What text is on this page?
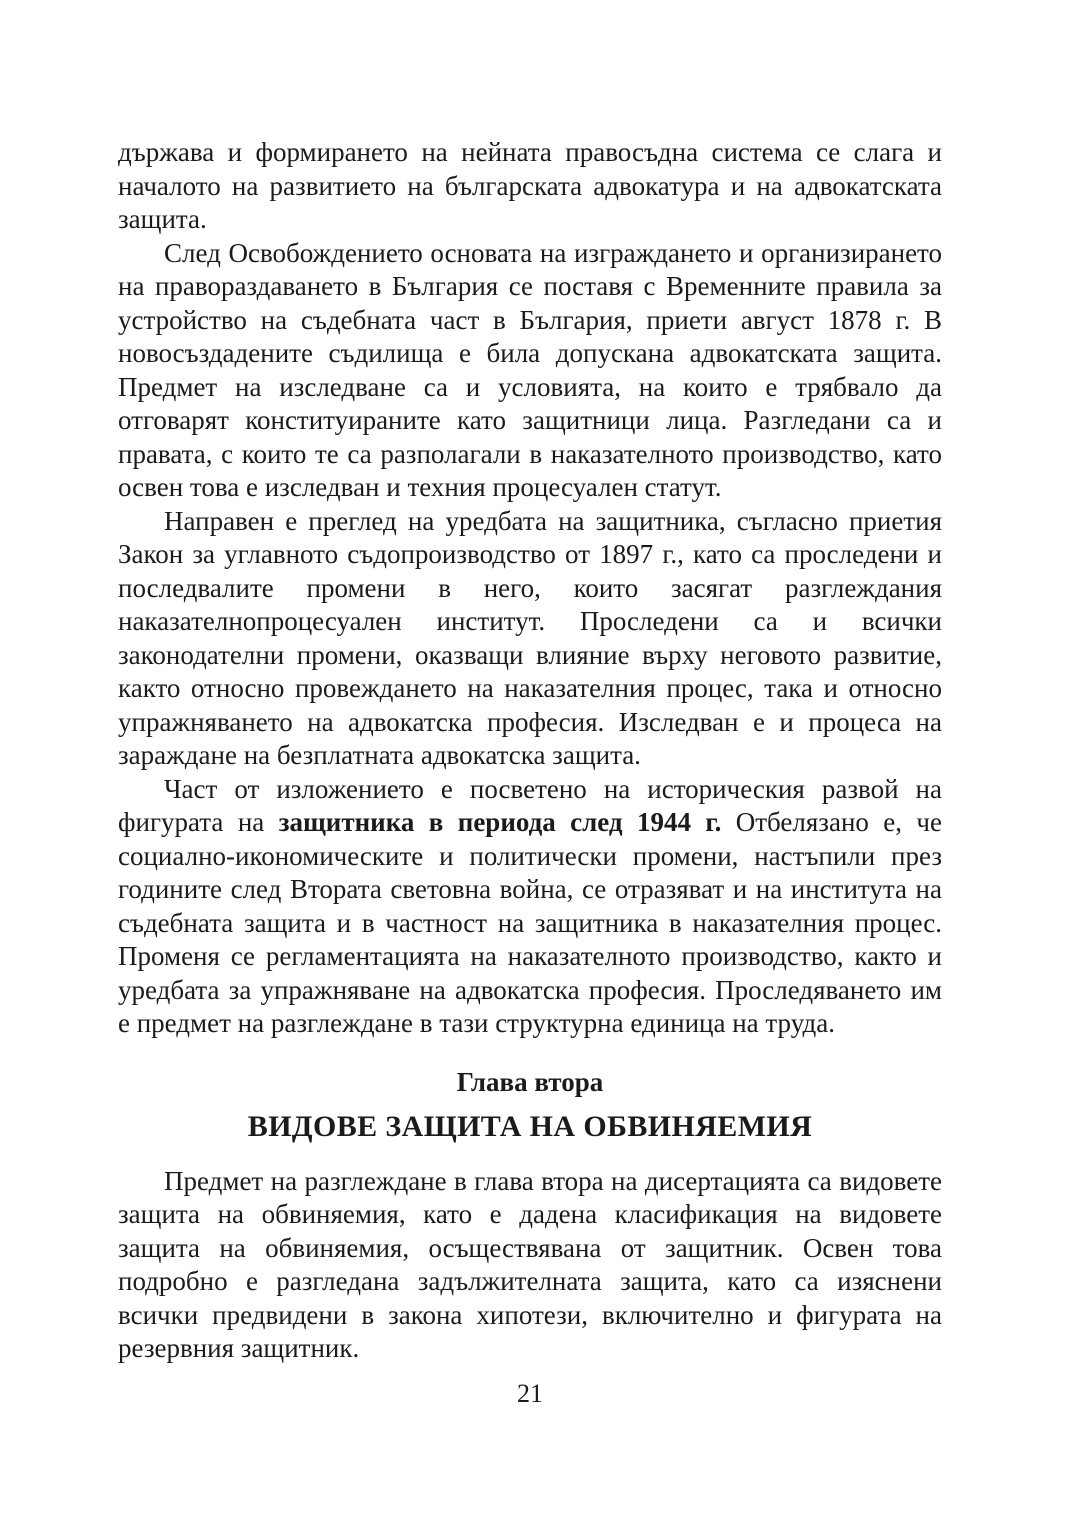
държава и формирането на нейната правосъдна система се слага и началото на развитието на българската адвокатура и на адвокатската защита.

След Освобождението основата на изграждането и организирането на правораздаването в България се поставя с Временните правила за устройство на съдебната част в България, приети август 1878 г. В новосъздадените съдилища е била допускана адвокатската защита. Предмет на изследване са и условията, на които е трябвало да отговарят конституираните като защитници лица. Разгледани са и правата, с които те са разполагали в наказателното производство, като освен това е изследван и техния процесуален статут.

Направен е преглед на уредбата на защитника, съгласно приетия Закон за углавното съдопроизводство от 1897 г., като са проследени и последвалите промени в него, които засягат разглеждания наказателнопроцесуален институт. Проследени са и всички законодателни промени, оказващи влияние върху неговото развитие, както относно провеждането на наказателния процес, така и относно упражняването на адвокатска професия. Изследван е и процеса на зараждане на безплатната адвокатска защита.

Част от изложението е посветено на историческия развой на фигурата на защитника в периода след 1944 г. Отбелязано е, че социално-икономическите и политически промени, настъпили през годините след Втората световна война, се отразяват и на института на съдебната защита и в частност на защитника в наказателния процес. Променя се регламентацията на наказателното производство, както и уредбата за упражняване на адвокатска професия. Проследяването им е предмет на разглеждане в тази структурна единица на труда.

Глава втора

ВИДОВЕ ЗАЩИТА НА ОБВИНЯЕМИЯ

Предмет на разглеждане в глава втора на дисертацията са видовете защита на обвиняемия, като е дадена класификация на видовете защита на обвиняемия, осъществявана от защитник. Освен това подробно е разгледана задължителната защита, като са изяснени всички предвидени в закона хипотези, включително и фигурата на резервния защитник.

21
